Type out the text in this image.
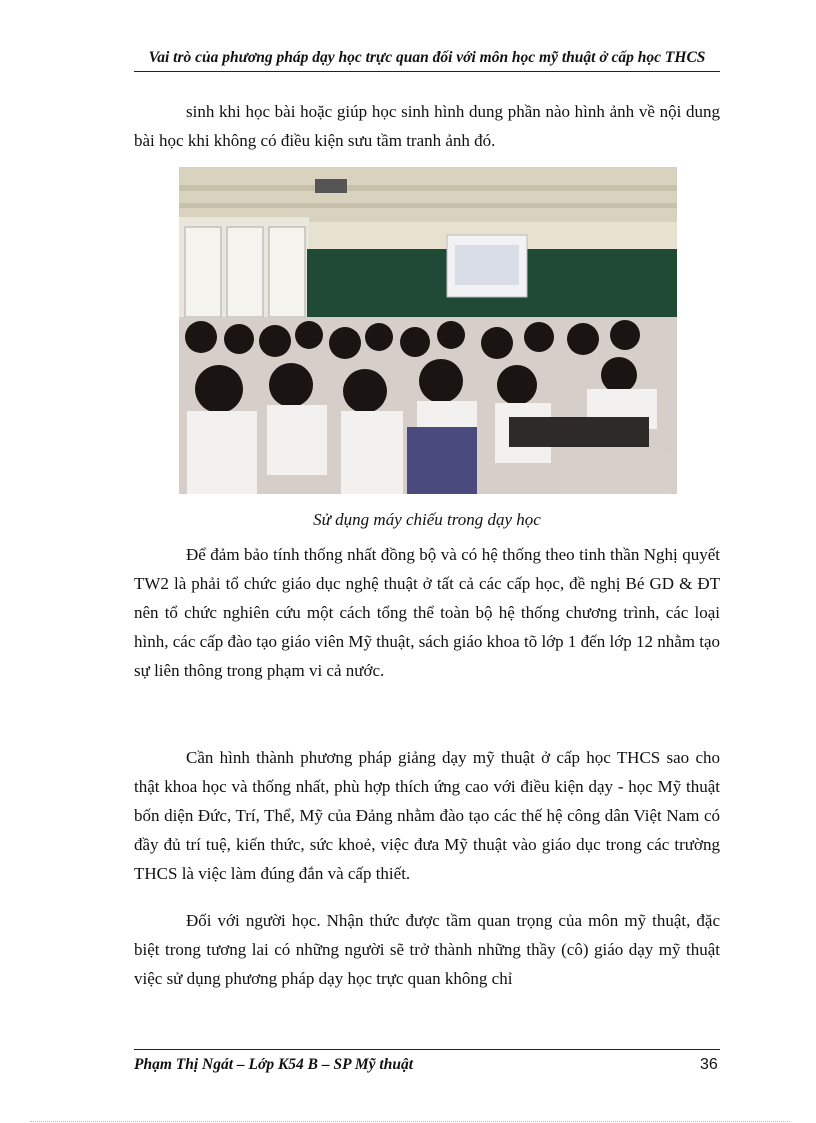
Vai trò của phương pháp dạy học trực quan đối với môn học mỹ thuật ở cấp học THCS
sinh khi học bài hoặc giúp học sinh hình dung phần nào hình ảnh về nội dung bài học khi không có điều kiện sưu tầm tranh ảnh đó.
Sử dụng máy chiếu trong dạy học
Để đảm bảo tính thống nhất đồng bộ và có hệ thống theo tinh thần Nghị quyết TW2 là phải tổ chức giáo dục nghệ thuật ở tất cả các cấp học, đề nghị Bé GD & ĐT nên tổ chức nghiên cứu một cách tổng thể toàn bộ hệ thống chương trình, các loại hình, các cấp đào tạo giáo viên Mỹ thuật, sách giáo khoa tõ lớp 1 đến lớp 12 nhằm tạo sự liên thông trong phạm vi cả nước.
Cần hình thành phương pháp giảng dạy mỹ thuật ở cấp học THCS sao cho thật khoa học và thống nhất, phù hợp thích ứng cao với điều kiện dạy - học Mỹ thuật bốn diện Đức, Trí, Thể, Mỹ của Đảng nhằm đào tạo các thế hệ công dân Việt Nam có đầy đủ trí tuệ, kiến thức, sức khoẻ, việc đưa Mỹ thuật vào giáo dục trong các trường THCS là việc làm đúng đắn và cấp thiết.
Đối với người học. Nhận thức được tầm quan trọng của môn mỹ thuật, đặc biệt trong tương lai có những người sẽ trở thành những thầy (cô) giáo dạy mỹ thuật việc sử dụng phương pháp dạy học trực quan không chỉ
Phạm Thị Ngát – Lớp K54 B – SP Mỹ thuật	36
